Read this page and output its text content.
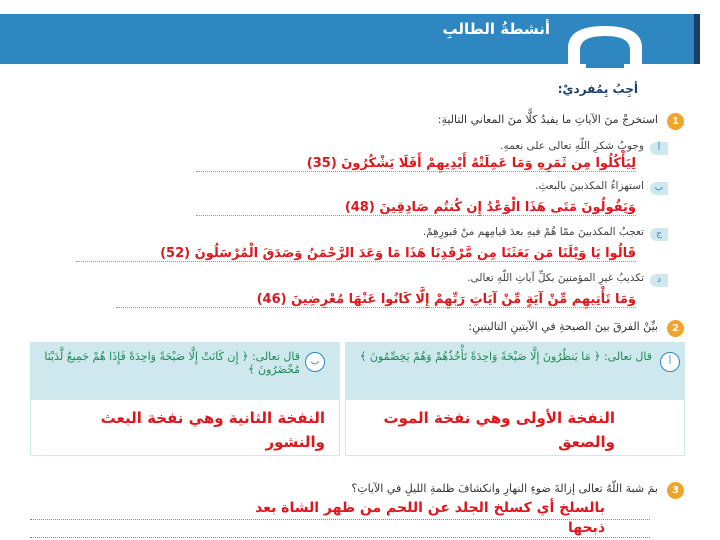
أنشطةُ الطالبِ
أجِبُ بِمُفرديْ:
1
استخرجْ منَ الآياتِ ما يفيدُ كلًّا منَ المعاني التاليةِ:
أ
وجوبُ شكرِ اللّهِ تعالى على نعمهِ.
لِيَأْكُلُوا مِن ثَمَرِهِ وَمَا عَمِلَتْهُ أَيْدِيهِمْ أَفَلَا يَشْكُرُونَ (35)
ب
استهزاءُ المكذبينَ بالبعثِ.
وَيَقُولُونَ مَتَى هَذَا الْوَعْدُ إِن كُنتُم صَادِقِينَ (48)
ج
تعجبُ المكذبينَ ممّا هُمْ فيهِ بعدَ قيامِهم منْ قبورِهِمْ.
قَالُوا يَا وَيْلَنَا مَن بَعَثَنَا مِن مَّرْقَدِنَا هَذَا مَا وَعَدَ الرَّحْمَنُ وَصَدَقَ الْمُرْسَلُونَ (52)
د
تكذيبُ غيرِ المؤمنينَ بكلِّ آياتِ اللّهِ تعالى.
وَمَا تَأْتِيهِم مِّنْ آيَةٍ مِّنْ آيَاتِ رَبِّهِمْ إِلَّا كَانُوا عَنْهَا مُعْرِضِينَ (46)
2
بيِّنْ الفرقَ بينَ الصيحةِ في الآيتينِ التاليتينِ:
أ
قال تعالى: ﴿ مَا يَنظُرُونَ إِلَّا صَيْحَةً وَاحِدَةً تَأْخُذُهُمْ وَهُمْ يَخِصِّمُونَ ﴾
ب
قال تعالى: ﴿ إِن كَانَتْ إِلَّا صَيْحَةً وَاحِدَةً فَإِذَا هُمْ جَمِيعٌ لَّدَيْنَا مُحْضَرُونَ ﴾
النفخة الأولى وهي نفخة الموت والصعق
النفخة الثانية وهي نفخة البعث والنشور
3
بمَ شبهَ اللّهُ تعالى إزالةَ ضوءِ النهارِ وانكشافَ ظلمةِ الليلِ في الآياتِ؟
بالسلخ أي كسلخ الجلد عن اللحم من ظهر الشاة بعد ذبحها
